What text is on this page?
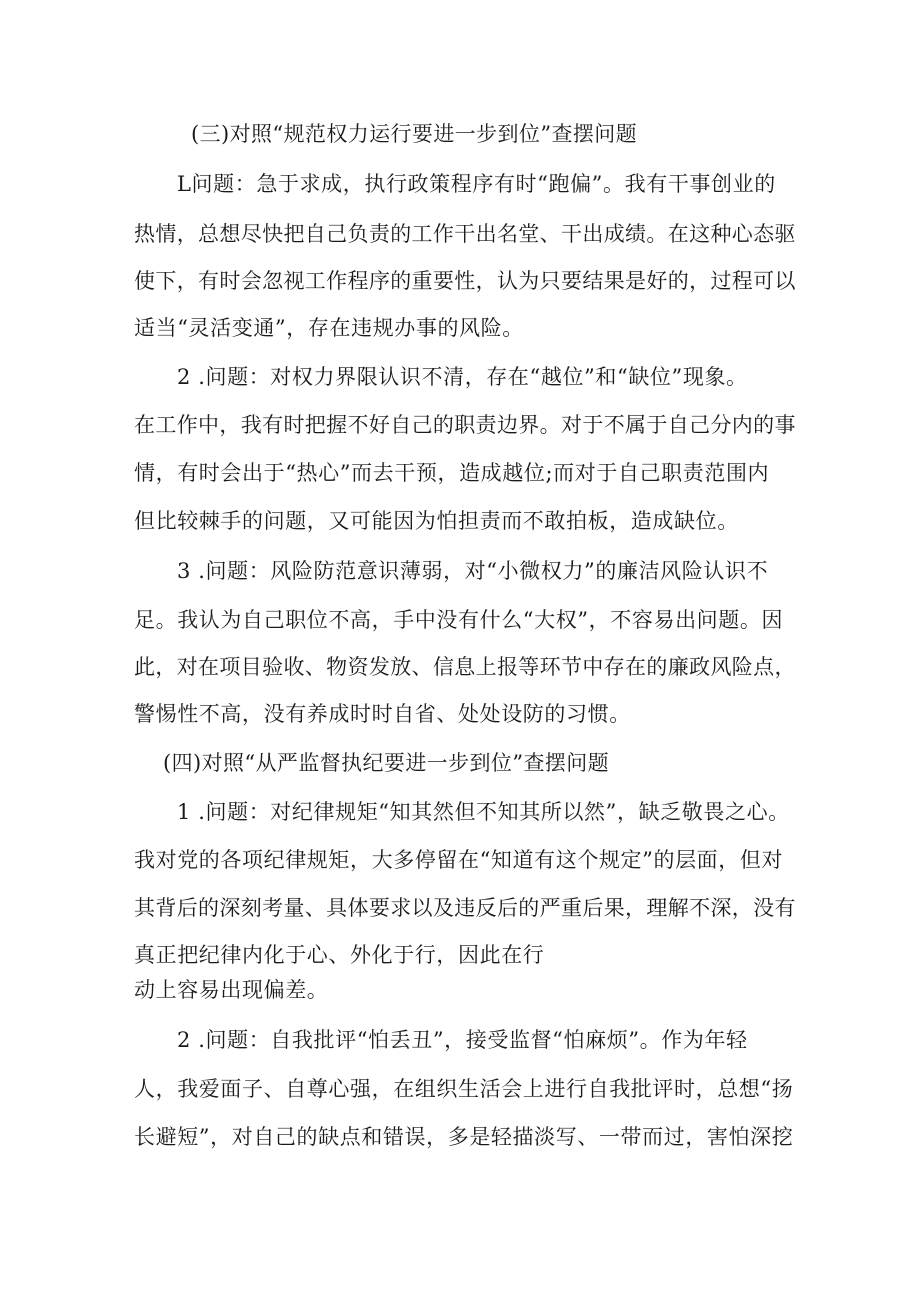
(三)对照“规范权力运行要进一步到位”查摆问题
L问题：急于求成，执行政策程序有时“跑偏”。我有干事创业的
热情，总想尽快把自己负责的工作干出名堂、干出成绩。在这种心态驱
使下，有时会忽视工作程序的重要性，认为只要结果是好的，过程可以
适当“灵活变通”，存在违规办事的风险。
2 .问题：对权力界限认识不清，存在“越位”和“缺位”现象。
在工作中，我有时把握不好自己的职责边界。对于不属于自己分内的事
情，有时会出于“热心”而去干预，造成越位;而对于自己职责范围内
但比较棘手的问题，又可能因为怕担责而不敢拍板，造成缺位。
3 .问题：风险防范意识薄弱，对“小微权力”的廉洁风险认识不
足。我认为自己职位不高，手中没有什么“大权”，不容易出问题。因
此，对在项目验收、物资发放、信息上报等环节中存在的廉政风险点，
警惕性不高，没有养成时时自省、处处设防的习惯。
(四)对照“从严监督执纪要进一步到位”查摆问题
1 .问题：对纪律规矩“知其然但不知其所以然”，缺乏敬畏之心。
我对党的各项纪律规矩，大多停留在“知道有这个规定”的层面，但对
其背后的深刻考量、具体要求以及违反后的严重后果，理解不深，没有
真正把纪律内化于心、外化于行，因此在行
动上容易出现偏差。
2 .问题：自我批评“怕丢丑”，接受监督“怕麻烦”。作为年轻
人，我爱面子、自尊心强，在组织生活会上进行自我批评时，总想“扬
长避短”，对自己的缺点和错误，多是轻描淡写、一带而过，害怕深挖
